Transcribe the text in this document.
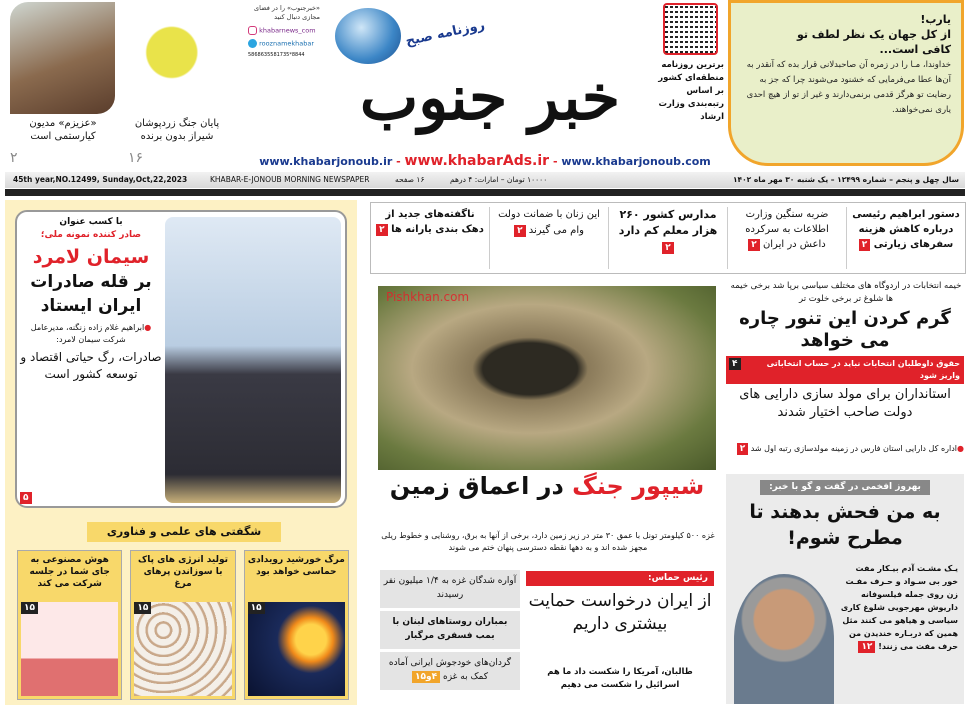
«عزیزم» مدیون کیارستمی است
۲
پایان جنگ زردپوشان شیراز بدون برنده
۱۶
«خبرجنوب» را در فضای مجازی دنبال کنید
khabarnews_com
roozname​khabar
5868635581735*8844
روزنامه صبح
خبر جنوب	برترین روزنامه منطقه‌ای کشور بر اساس رتبه‌بندی وزارت ارشاد
یارب!
از کل جهان یک نظر لطف تو
کافی است...
خداوندا، مـا را در زمره آن صاحبدلانی قرار بده که آنقدر به آن‌ها عطا می‌فرمایی که خشنود می‌شوند چرا که جز به رضایت تو هرگز قدمی برنمی‌دارند و غیر از تو از هیچ احدی یاری نمی‌خواهند.
www.khabarjonoub.ir - www.khabarAds.ir - www.khabarjonoub.com
45th year,NO.12499, Sunday,Oct,22,2023	KHABAR-E-JONOUB MORNING NEWSPAPER	۱۶ صفحه	۱۰۰۰۰ تومان – امارات: ۴ درهم	سال چهل و پنجم – شماره ۱۲۴۹۹ – یک شنبه ۳۰ مهر ماه ۱۴۰۲
دستور ابراهیم رئیسی درباره کاهش هزینه سفرهای زیارتی ۲
ضربه سنگین وزارت اطلاعات به سرکرده داعش در ایران ۲
مدارس کشور ۲۶۰ هزار معلم کم دارد ۲
این زنان با ضمانت دولت وام می گیرند ۲
ناگفته‌های جدید از دهک بندی یارانه ها ۲
خیمه انتخابات در اردوگاه های مختلف سیاسی برپا شد برخی خیمه ها شلوغ تر برخی خلوت تر
گرم کردن این تنور چاره می خواهد
حقوق داوطلبان انتخابات نباید در حساب انتخاباتی واریز شود
۴
استانداران برای مولد سازی دارایی های دولت صاحب اختیار شدند
●اداره کل دارایی استان فارس در زمینه مولدسازی رتبه اول شد ۲
بهروز افخمی در گفت و گو با خبر:
به من فحش بدهند تا مطرح شوم!
یـک مشـت آدم بیـکار مفت خور بی سـواد و حـرف مفـت زن روی جمله فیلسوفانه داریوش مهرجویی شلوغ کاری سیاسی و هیاهو می کنند مثل همین که دربـاره خندیدن من حرف مفت می زنند! ۱۲
Pishkhan.com
شیپور جنگ در اعماق زمین
غزه ۵۰۰ کیلومتر تونل با عمق ۳۰ متر در زیر زمین دارد، برخی از آنها به برق، روشنایی و خطوط ریلی مجهز شده اند و به دهها نقطه دسترسی پنهان ختم می شوند
آواره شدگان غزه به ۱/۴ میلیون نفر رسیدند
بمباران روستاهای لبنان با بمب فسفری مرگبار
گردان‌های خودجوش ایرانی آماده کمک به غزه ۴و۱۵
رئیس حماس:
از ایران درخواست حمایت بیشتری داریم
طالبان، آمریکا را شکست داد ما هم اسرائیل را شکست می دهیم
با کسب عنوان
صادر کننده نمونه ملی؛
سیمان لامرد
بر قله صادرات ایران ایستاد
●ابراهیم غلام زاده زنگنه، مدیرعامل شرکت سیمان لامرد:
صادرات، رگ حیاتی اقتصاد و توسعه کشور است
۵
شگفتی های علمی و فناوری
مرگ خورشید رویدادی حماسی خواهد بود
۱۵
تولید انرژی های پاک با سوزاندن پرهای مرغ
۱۵
هوش مصنوعی به جای شما در جلسه شرکت می کند
۱۵
